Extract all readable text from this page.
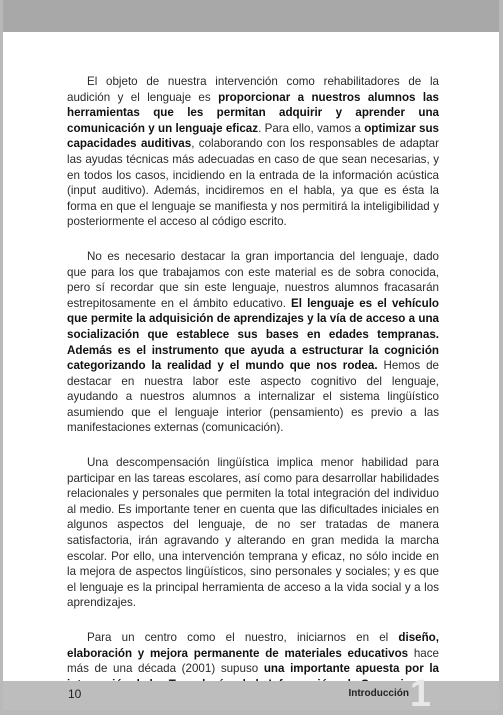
El objeto de nuestra intervención como rehabilitadores de la audición y el lenguaje es proporcionar a nuestros alumnos las herramientas que les permitan adquirir y aprender una comunicación y un lenguaje eficaz. Para ello, vamos a optimizar sus capacidades auditivas, colaborando con los responsables de adaptar las ayudas técnicas más adecuadas en caso de que sean necesarias, y en todos los casos, incidiendo en la entrada de la información acústica (input auditivo). Además, incidiremos en el habla, ya que es ésta la forma en que el lenguaje se manifiesta y nos permitirá la inteligibilidad y posteriormente el acceso al código escrito.

No es necesario destacar la gran importancia del lenguaje, dado que para los que trabajamos con este material es de sobra conocida, pero sí recordar que sin este lenguaje, nuestros alumnos fracasarán estrepitosamente en el ámbito educativo. El lenguaje es el vehículo que permite la adquisición de aprendizajes y la vía de acceso a una socialización que establece sus bases en edades tempranas. Además es el instrumento que ayuda a estructurar la cognición categorizando la realidad y el mundo que nos rodea. Hemos de destacar en nuestra labor este aspecto cognitivo del lenguaje, ayudando a nuestros alumnos a internalizar el sistema lingüístico asumiendo que el lenguaje interior (pensamiento) es previo a las manifestaciones externas (comunicación).

Una descompensación lingüística implica menor habilidad para participar en las tareas escolares, así como para desarrollar habilidades relacionales y personales que permiten la total integración del individuo al medio. Es importante tener en cuenta que las dificultades iniciales en algunos aspectos del lenguaje, de no ser tratadas de manera satisfactoria, irán agravando y alterando en gran medida la marcha escolar. Por ello, una intervención temprana y eficaz, no sólo incide en la mejora de aspectos lingüísticos, sino personales y sociales; y es que el lenguaje es la principal herramienta de acceso a la vida social y a los aprendizajes.

Para un centro como el nuestro, iniciarnos en el diseño, elaboración y mejora permanente de materiales educativos hace más de una década (2001) supuso una importante apuesta por la

10	Introducción 1
